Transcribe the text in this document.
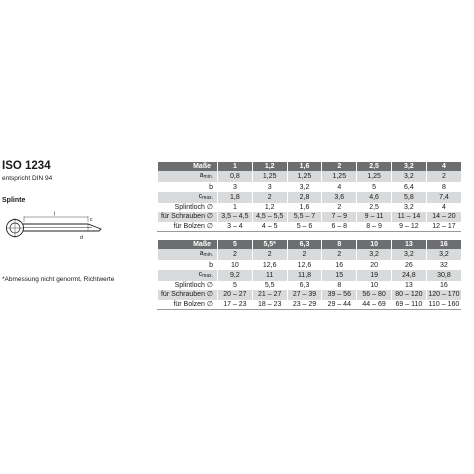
ISO 1234
entspricht DIN 94
Splinte
l
c
d
*Abmessung nicht genormt, Richtwerte
Maße	1	1,2	1,6	2	2,5	3,2	4
$a_{min.}$	0,8	1,25	1,25	1,25	1,25	3,2	2
b	3	3	3,2	4	5	6,4	8
$c_{max.}$	1,8	2	2,8	3,6	4,6	5,8	7,4
Splintloch ∅	1	1,2	1,6	2	2,5	3,2	4
für Schrauben ∅	3,5 – 4,5	4,5 – 5,5	5,5 – 7	7 – 9	9 – 11	11 – 14	14 – 20
für Bolzen ∅	3 – 4	4 – 5	5 – 6	6 – 8	8 – 9	9 – 12	12 – 17
Maße	5	5,5*	6,3	8	10	13	16
$a_{min.}$	2	2	2	2	3,2	3,2	3,2
b	10	12,6	12,6	16	20	26	32
$c_{max.}$	9,2	11	11,8	15	19	24,8	30,8
Splintloch ∅	5	5,5	6,3	8	10	13	16
für Schrauben ∅	20 – 27	21 – 27	27 – 39	39 – 56	56 – 80	80 – 120	120 – 170
für Bolzen ∅	17 – 23	18 – 23	23 – 29	29 – 44	44 – 69	69 – 110	110 – 160
